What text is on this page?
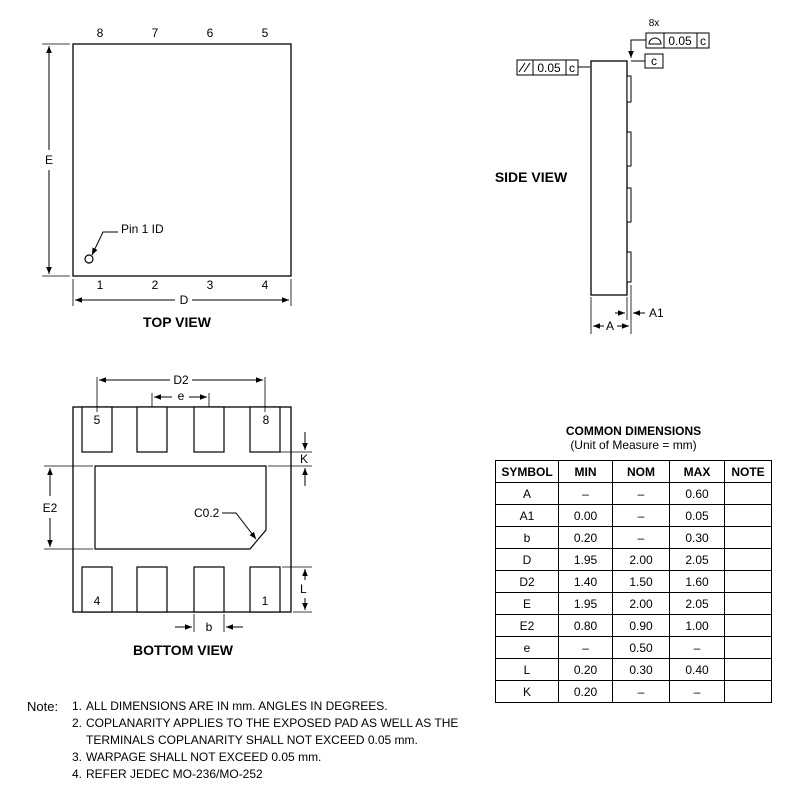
8	7	6	5
1	2	3	4
Pin 1 ID
E
D
TOP VIEW
SIDE VIEW
0.05 c
8x
0.05 c
c
A
A1
5	8
4	1
D2
e
E2
K
L
b
C0.2
BOTTOM VIEW
COMMON DIMENSIONS
(Unit of Measure = mm)
SYMBOL	MIN	NOM	MAX	NOTE
A	–	–	0.60	
A1	0.00	–	0.05	
b	0.20	–	0.30	
D	1.95	2.00	2.05	
D2	1.40	1.50	1.60	
E	1.95	2.00	2.05	
E2	0.80	0.90	1.00	
e	–	0.50	–	
L	0.20	0.30	0.40	
K	0.20	–	–	
Note: 1. ALL DIMENSIONS ARE IN mm. ANGLES IN DEGREES.
2. COPLANARITY APPLIES TO THE EXPOSED PAD AS WELL AS THE
TERMINALS COPLANARITY SHALL NOT EXCEED 0.05 mm.
3. WARPAGE SHALL NOT EXCEED 0.05 mm.
4. REFER JEDEC MO-236/MO-252
